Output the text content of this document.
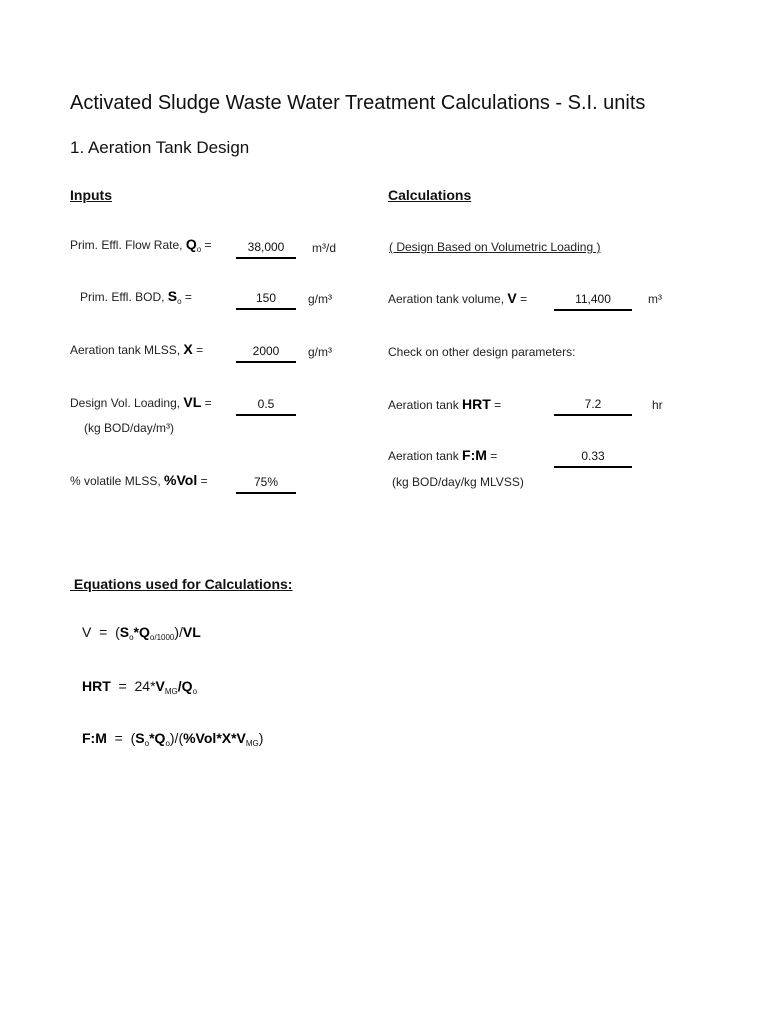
Activated Sludge Waste Water Treatment Calculations - S.I. units
1. Aeration Tank Design
Inputs	Calculations
Prim. Effl. Flow Rate, $Q_o$ =	38,000	m³/d
Prim. Effl. BOD, $S_o$ =	150	g/m³
Aeration tank MLSS, X =	2000	g/m³
Design Vol. Loading, VL =	0.5
(kg BOD/day/m³)
% volatile MLSS, %Vol =	75%
( Design Based on Volumetric Loading )
Aeration tank volume, V =	11,400	m³
Check on other design parameters:
Aeration tank HRT =	7.2	hr
Aeration tank F:M =	0.33
(kg BOD/day/kg MLVSS)
Equations used for Calculations:
$V = (S_o*Q_{o/1000})/VL$
HRT  =  $24*V_{MG}/Q_o$
F:M  =  $(S_o*Q_o)/(\%Vol*X*V_{MG})$
